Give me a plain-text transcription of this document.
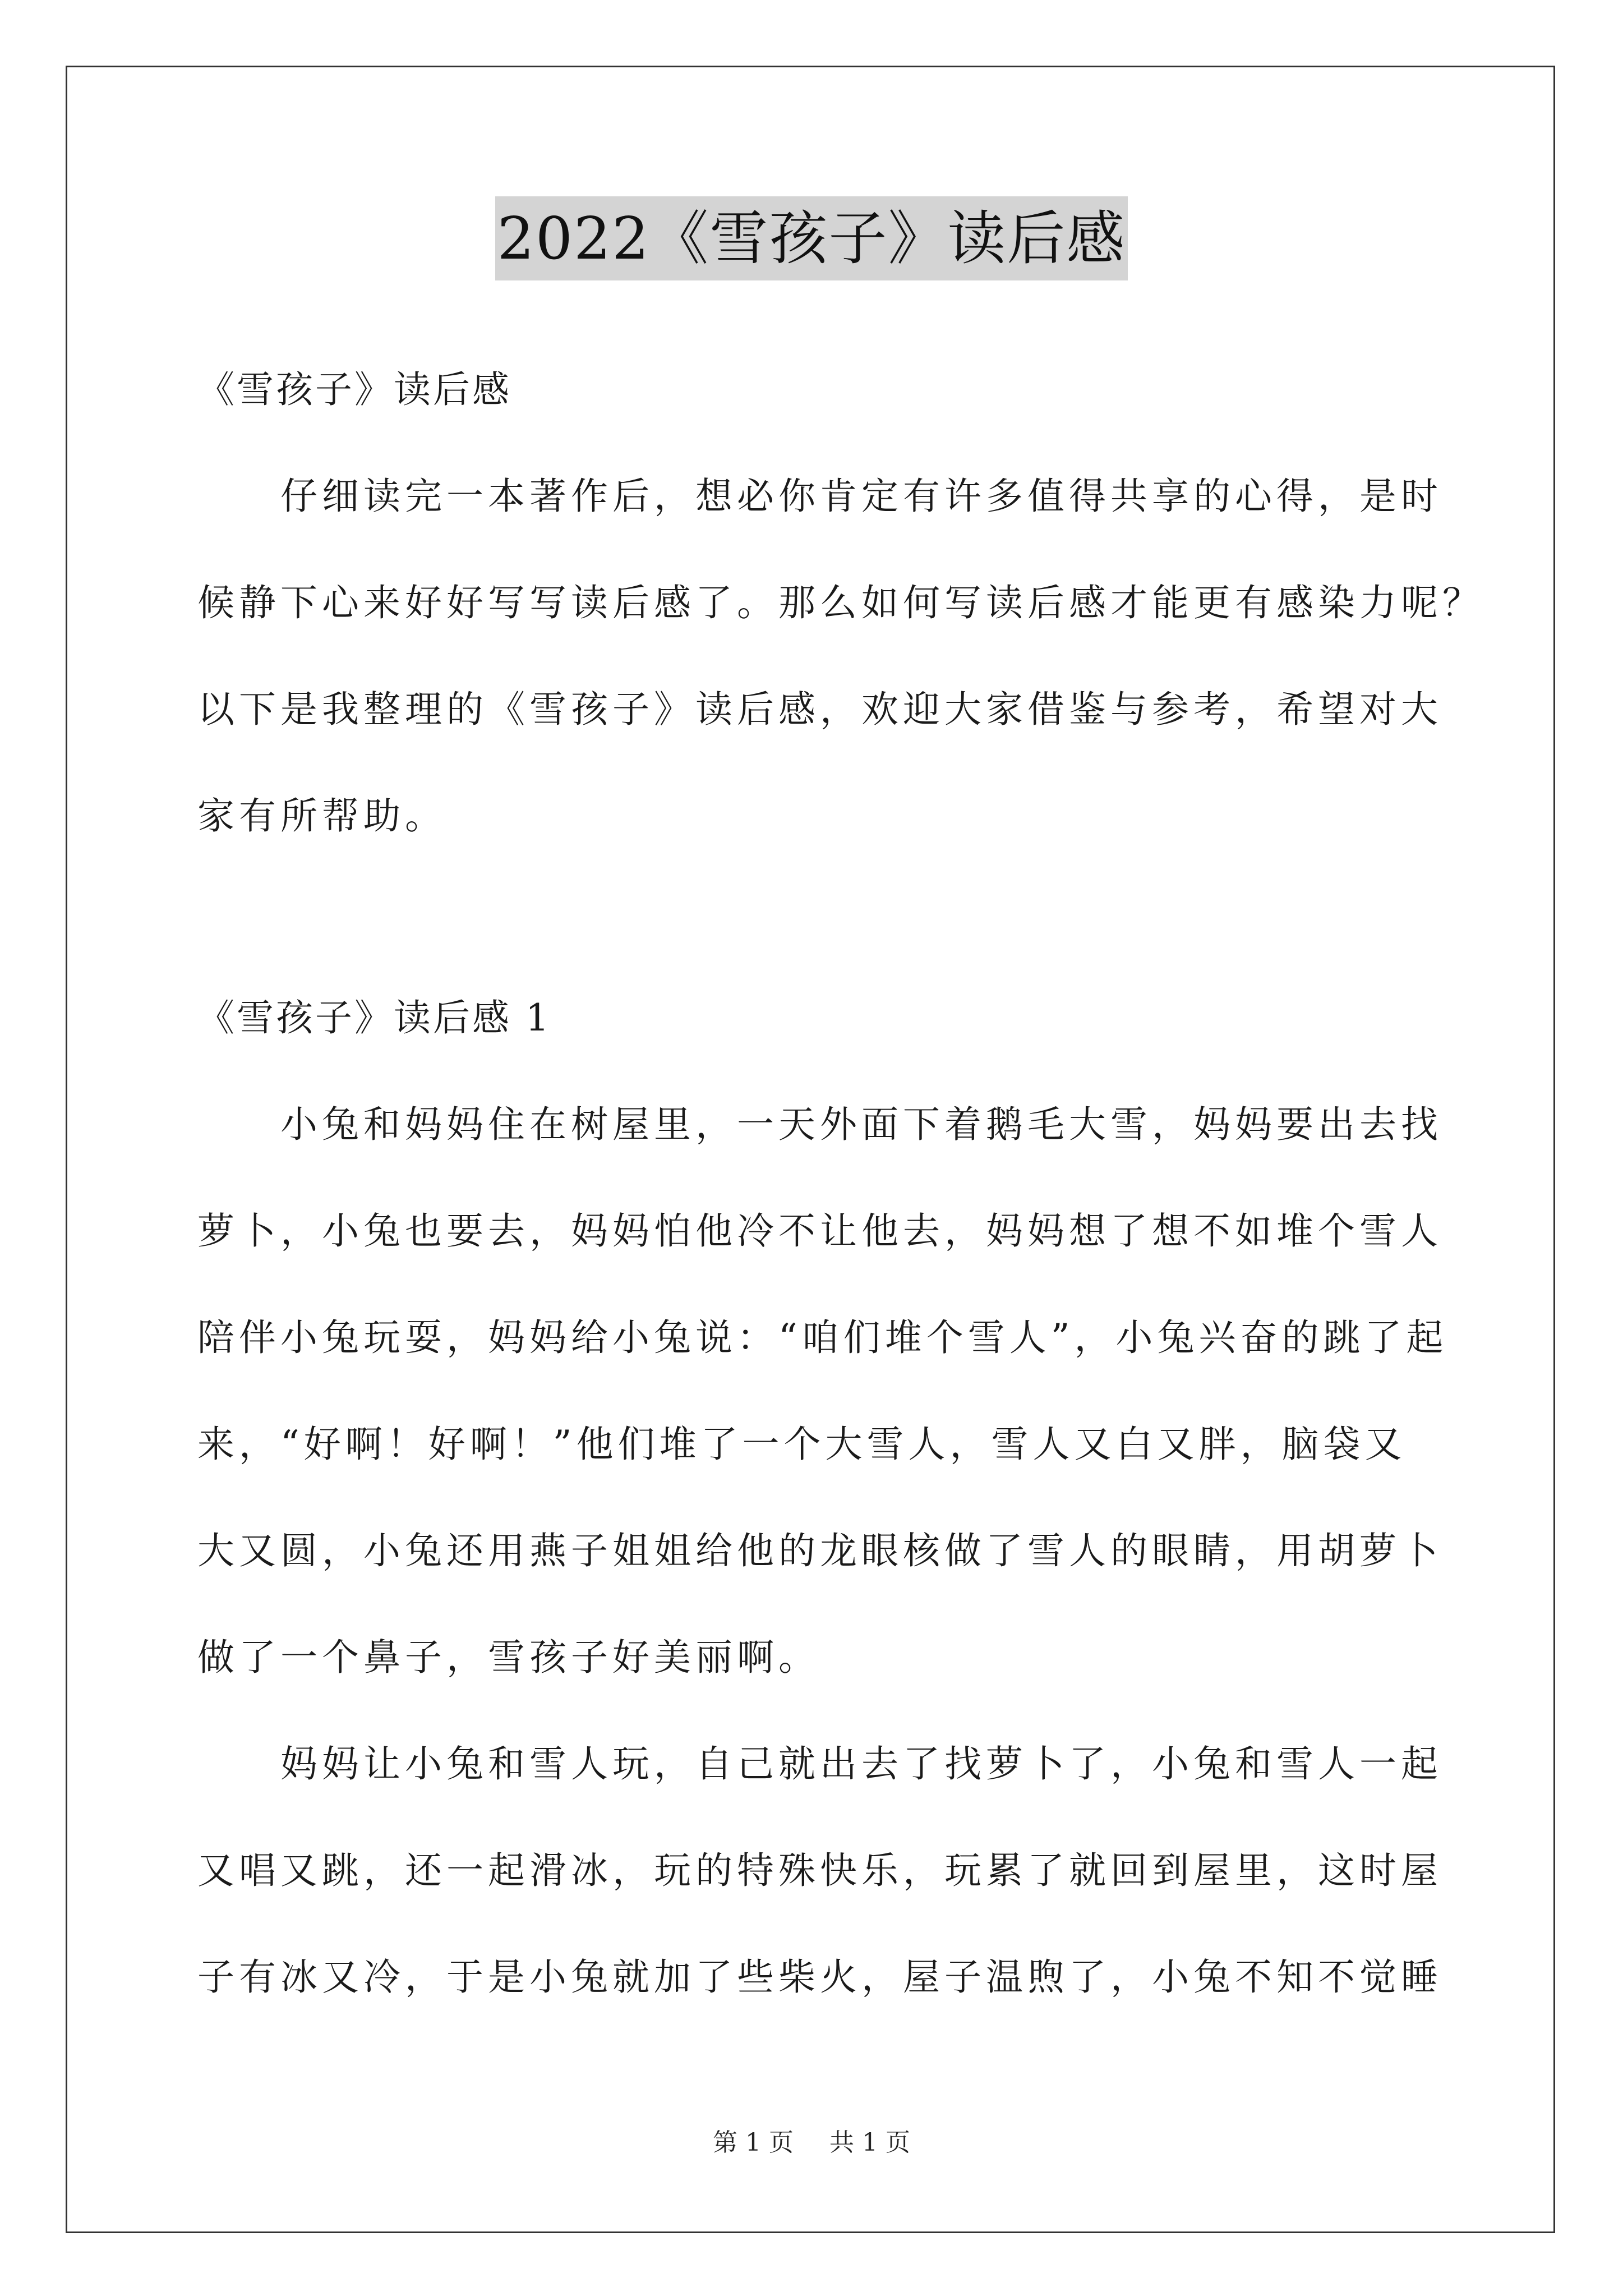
2022《雪孩子》读后感
《雪孩子》读后感
仔细读完一本著作后，想必你肯定有许多值得共享的心得，是时
候静下心来好好写写读后感了。那么如何写读后感才能更有感染力呢？
以下是我整理的《雪孩子》读后感，欢迎大家借鉴与参考，希望对大
家有所帮助。
《雪孩子》读后感 1
小兔和妈妈住在树屋里，一天外面下着鹅毛大雪，妈妈要出去找
萝卜，小兔也要去，妈妈怕他冷不让他去，妈妈想了想不如堆个雪人
陪伴小兔玩耍，妈妈给小兔说：“咱们堆个雪人”，小兔兴奋的跳了起
来，“好啊！好啊！”他们堆了一个大雪人，雪人又白又胖，脑袋又
大又圆，小兔还用燕子姐姐给他的龙眼核做了雪人的眼睛，用胡萝卜
做了一个鼻子，雪孩子好美丽啊。
妈妈让小兔和雪人玩，自己就出去了找萝卜了，小兔和雪人一起
又唱又跳，还一起滑冰，玩的特殊快乐，玩累了就回到屋里，这时屋
子有冰又冷，于是小兔就加了些柴火，屋子温煦了，小兔不知不觉睡
第 1 页 共 1 页
